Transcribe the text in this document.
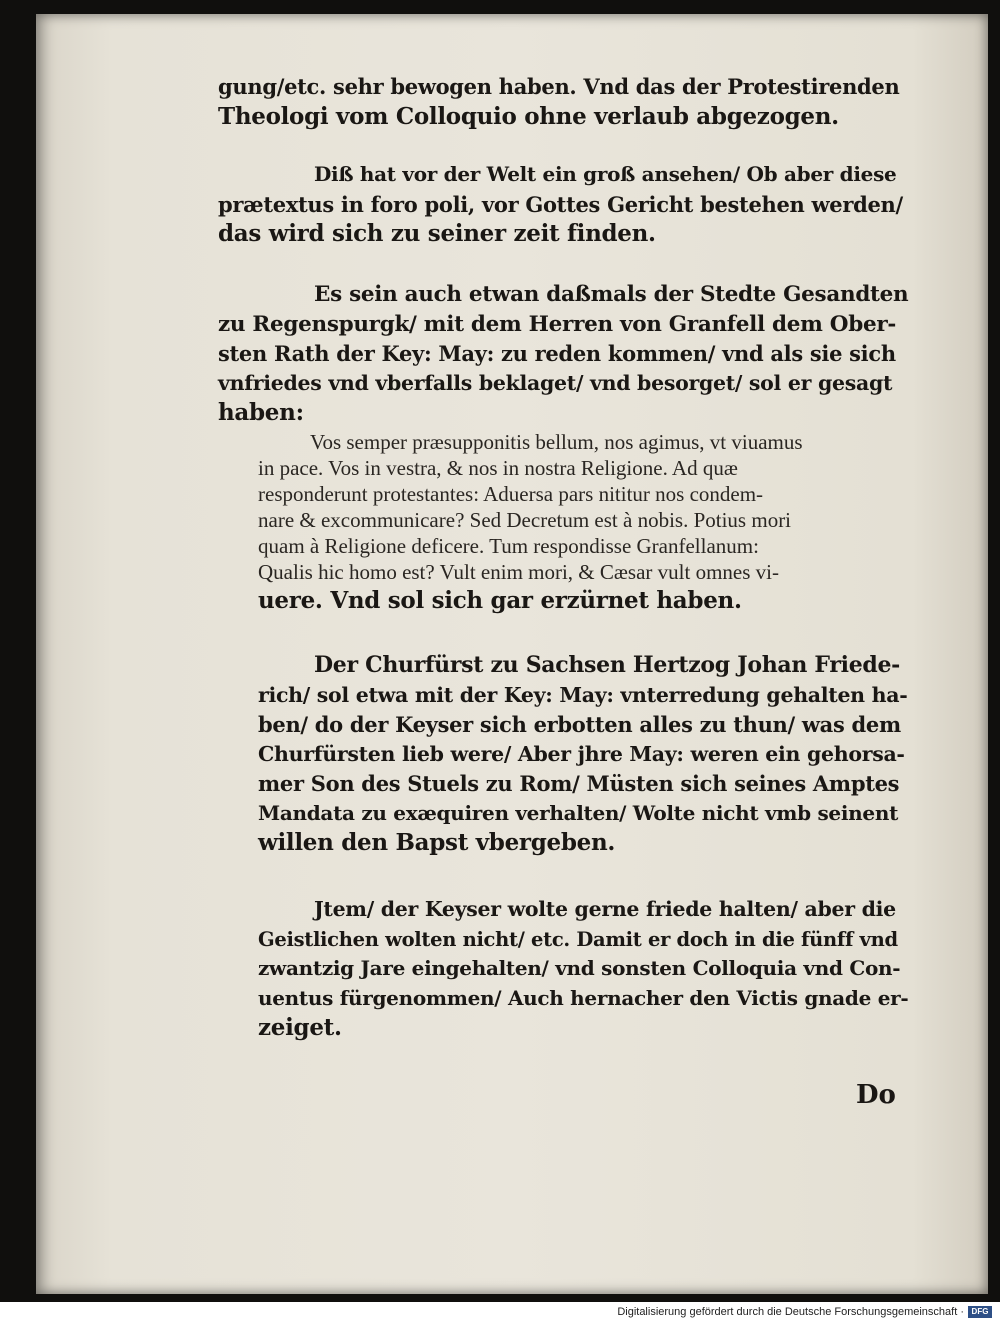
gung/etc. sehr bewogen haben. Vnd das der Protestirenden
Theologi vom Colloquio ohne verlaub abgezogen.
Diß hat vor der Welt ein groß ansehen/ Ob aber diese
prætextus in foro poli, vor Gottes Gericht bestehen werden/
das wird sich zu seiner zeit finden.
Es sein auch etwan daßmals der Stedte Gesandten
zu Regenspurgk/ mit dem Herren von Granfell dem Ober-
sten Rath der Key: May: zu reden kommen/ vnd als sie sich
vnfriedes vnd vberfalls beklaget/ vnd besorget/ sol er gesagt
haben:
Vos semper præsupponitis bellum, nos agimus, vt viuamus
in pace. Vos in vestra, & nos in nostra Religione. Ad quæ
responderunt protestantes: Aduersa pars nititur nos condem-
nare & excommunicare? Sed Decretum est à nobis. Potius mori
quam à Religione deficere. Tum respondisse Granfellanum:
Qualis hic homo est? Vult enim mori, & Cæsar vult omnes vi-
uere. Vnd sol sich gar erzürnet haben.
Der Churfürst zu Sachsen Hertzog Johan Friede-
rich/ sol etwa mit der Key: May: vnterredung gehalten ha-
ben/ do der Keyser sich erbotten alles zu thun/ was dem
Churfürsten lieb were/ Aber jhre May: weren ein gehorsa-
mer Son des Stuels zu Rom/ Müsten sich seines Amptes
Mandata zu exæquiren verhalten/ Wolte nicht vmb seinent
willen den Bapst vbergeben.
Jtem/ der Keyser wolte gerne friede halten/ aber die
Geistlichen wolten nicht/ etc. Damit er doch in die fünff vnd
zwantzig Jare eingehalten/ vnd sonsten Colloquia vnd Con-
uentus fürgenommen/ Auch hernacher den Victis gnade er-
zeiget.
Do
Digitalisierung gefördert durch die Deutsche Forschungsgemeinschaft · DFG
